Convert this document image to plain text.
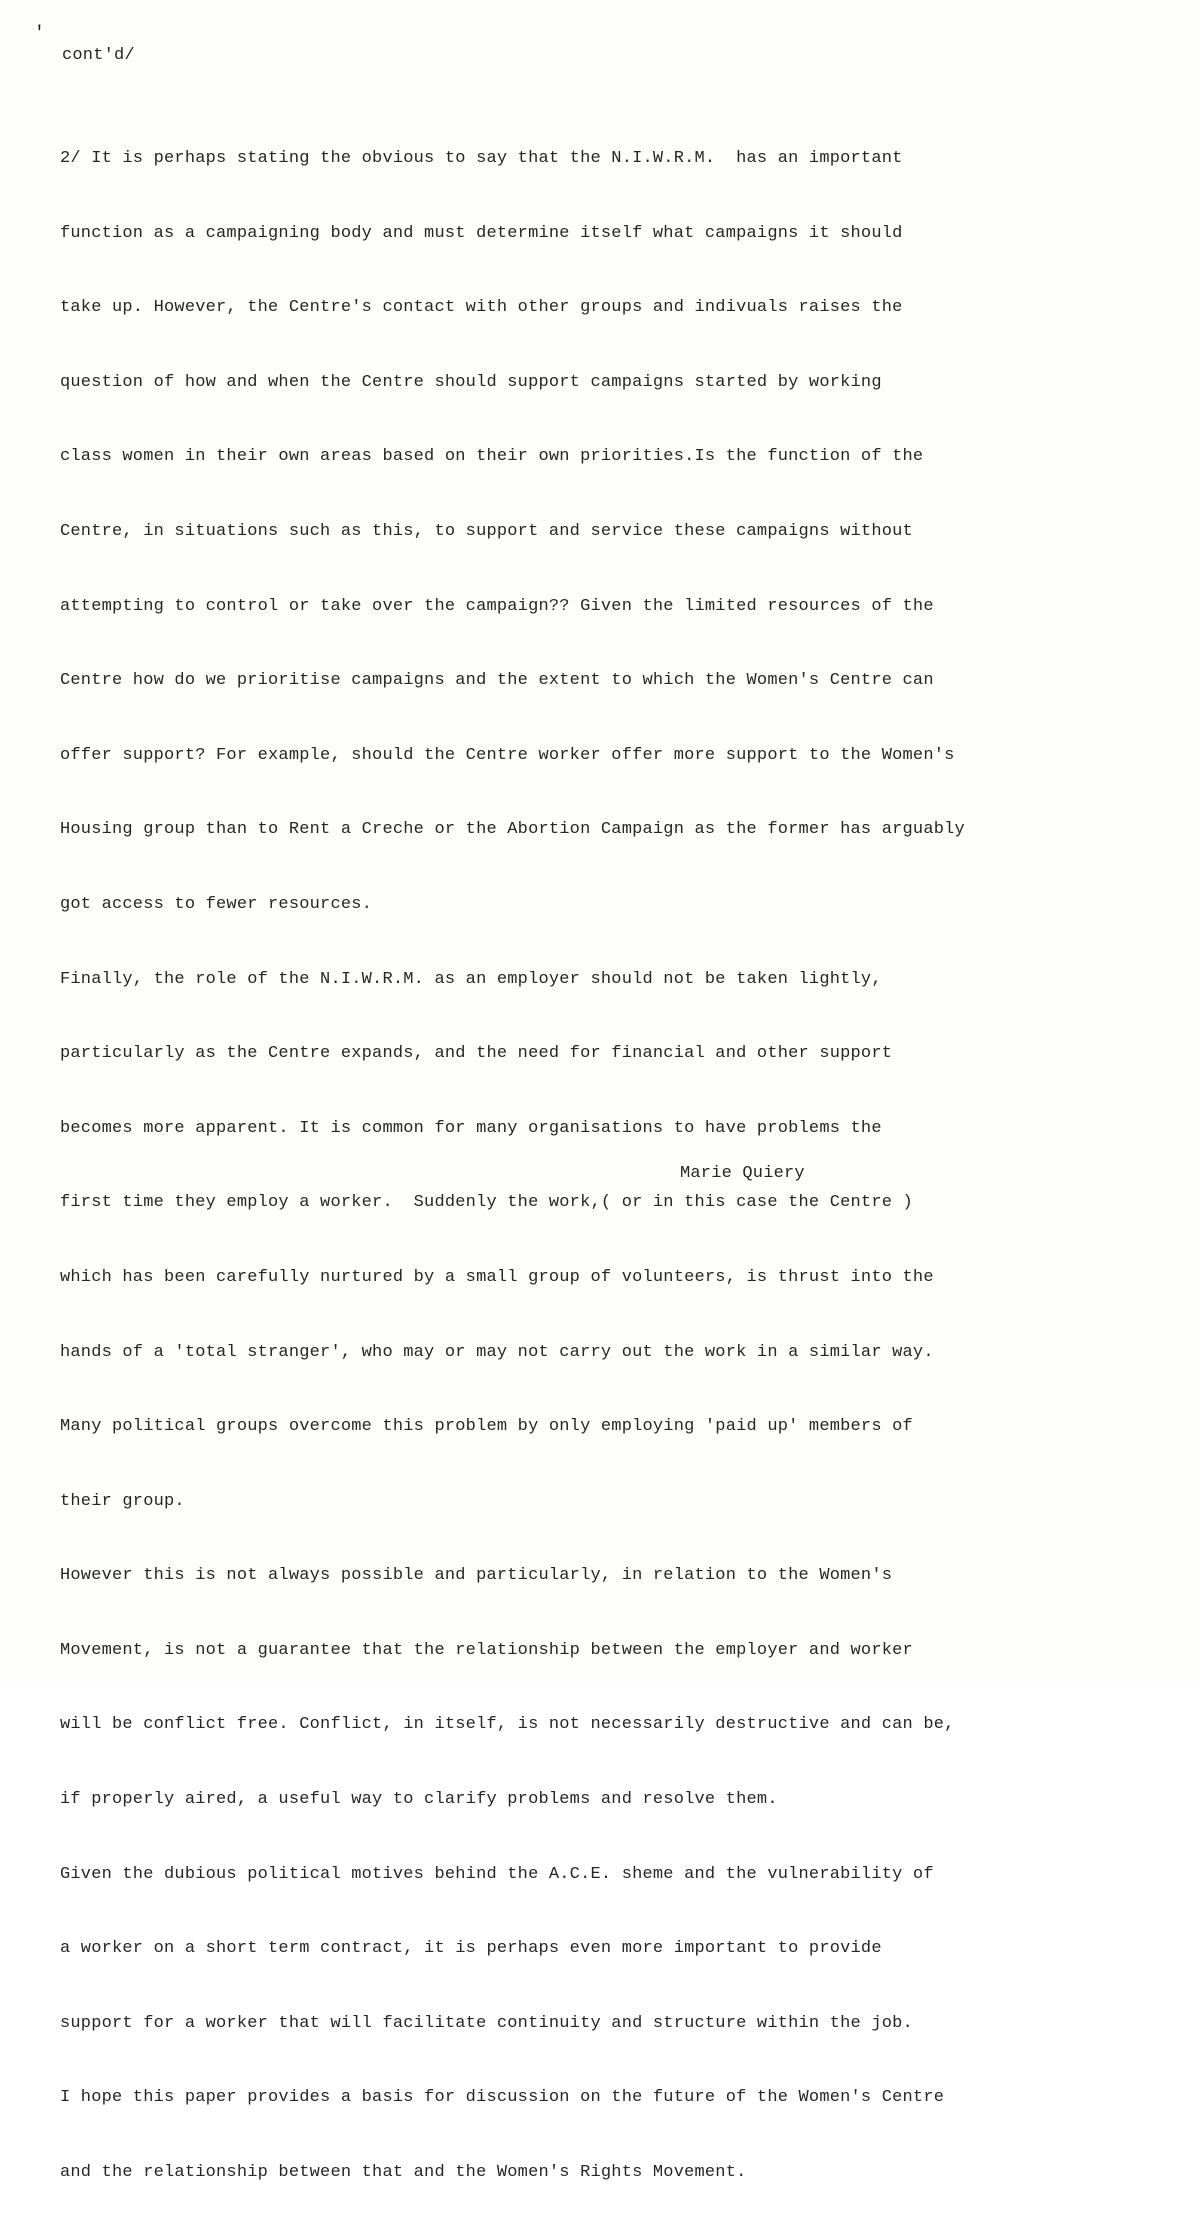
'
cont'd/

2/ It is perhaps stating the obvious to say that the N.I.W.R.M.  has an important

function as a campaigning body and must determine itself what campaigns it should

take up. However, the Centre's contact with other groups and indivuals raises the

question of how and when the Centre should support campaigns started by working

class women in their own areas based on their own priorities.Is the function of the

Centre, in situations such as this, to support and service these campaigns without

attempting to control or take over the campaign?? Given the limited resources of the

Centre how do we prioritise campaigns and the extent to which the Women's Centre can

offer support? For example, should the Centre worker offer more support to the Women's

Housing group than to Rent a Creche or the Abortion Campaign as the former has arguably

got access to fewer resources.

Finally, the role of the N.I.W.R.M. as an employer should not be taken lightly,

particularly as the Centre expands, and the need for financial and other support

becomes more apparent. It is common for many organisations to have problems the

first time they employ a worker.  Suddenly the work,( or in this case the Centre )

which has been carefully nurtured by a small group of volunteers, is thrust into the

hands of a 'total stranger', who may or may not carry out the work in a similar way.

Many political groups overcome this problem by only employing 'paid up' members of

their group.

However this is not always possible and particularly, in relation to the Women's

Movement, is not a guarantee that the relationship between the employer and worker

will be conflict free. Conflict, in itself, is not necessarily destructive and can be,

if properly aired, a useful way to clarify problems and resolve them.

Given the dubious political motives behind the A.C.E. sheme and the vulnerability of

a worker on a short term contract, it is perhaps even more important to provide

support for a worker that will facilitate continuity and structure within the job.

I hope this paper provides a basis for discussion on the future of the Women's Centre

and the relationship between that and the Women's Rights Movement.

Marie Quiery
